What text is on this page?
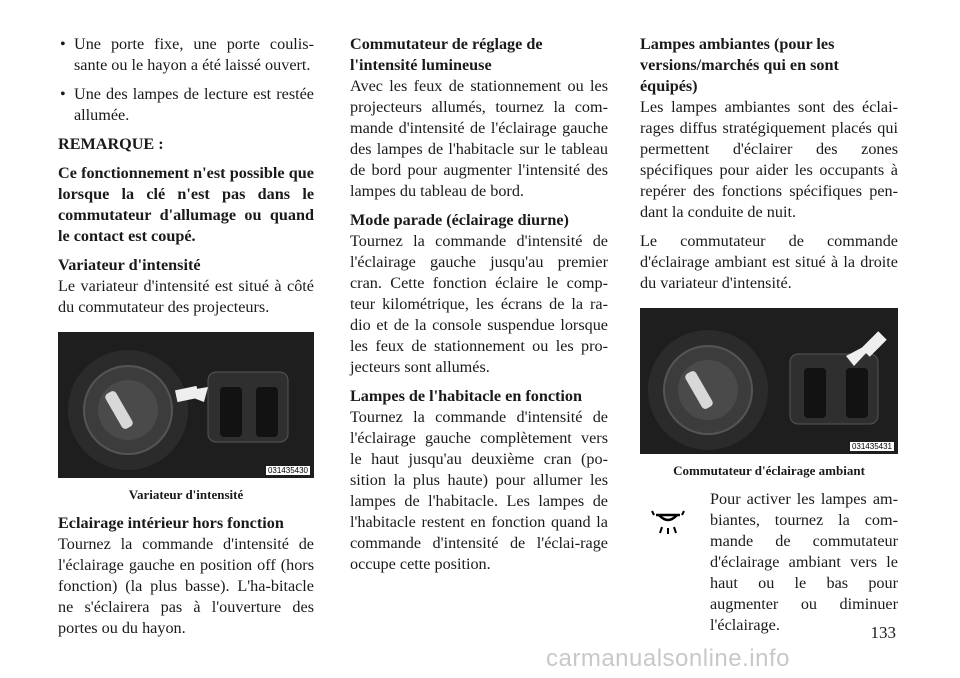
• Une porte fixe, une porte coulis-sante ou le hayon a été laissé ouvert.
• Une des lampes de lecture est restée allumée.

REMARQUE :

Ce fonctionnement n'est possible que lorsque la clé n'est pas dans le commutateur d'allumage ou quand le contact est coupé.

Variateur d'intensité

Le variateur d'intensité est situé à côté du commutateur des projecteurs.

031435430
Variateur d'intensité
Eclairage intérieur hors fonction

Tournez la commande d'intensité de l'éclairage gauche en position off (hors fonction) (la plus basse). L'ha-bitacle ne s'éclairera pas à l'ouverture des portes ou du hayon.

Commutateur de réglage de l'intensité lumineuse

Avec les feux de stationnement ou les projecteurs allumés, tournez la com-mande d'intensité de l'éclairage gauche des lampes de l'habitacle sur le tableau de bord pour augmenter l'intensité des lampes du tableau de bord.

Mode parade (éclairage diurne)

Tournez la commande d'intensité de l'éclairage gauche jusqu'au premier cran. Cette fonction éclaire le comp-teur kilométrique, les écrans de la ra-dio et de la console suspendue lorsque les feux de stationnement ou les pro-jecteurs sont allumés.

Lampes de l'habitacle en fonction

Tournez la commande d'intensité de l'éclairage gauche complètement vers le haut jusqu'au deuxième cran (po-sition la plus haute) pour allumer les lampes de l'habitacle. Les lampes de l'habitacle restent en fonction quand la commande d'intensité de l'éclai-rage occupe cette position.

Lampes ambiantes (pour les versions/marchés qui en sont équipés)

Les lampes ambiantes sont des éclai-rages diffus stratégiquement placés qui permettent d'éclairer des zones spécifiques pour aider les occupants à repérer des fonctions spécifiques pen-dant la conduite de nuit.

Le commutateur de commande d'éclairage ambiant est situé à la droite du variateur d'intensité.

031435431
Commutateur d'éclairage ambiant

Pour activer les lampes am-biantes, tournez la com-mande de commutateur d'éclairage ambiant vers le haut ou le bas pour augmenter ou diminuer l'éclairage.	133
carmanualsonline.info
